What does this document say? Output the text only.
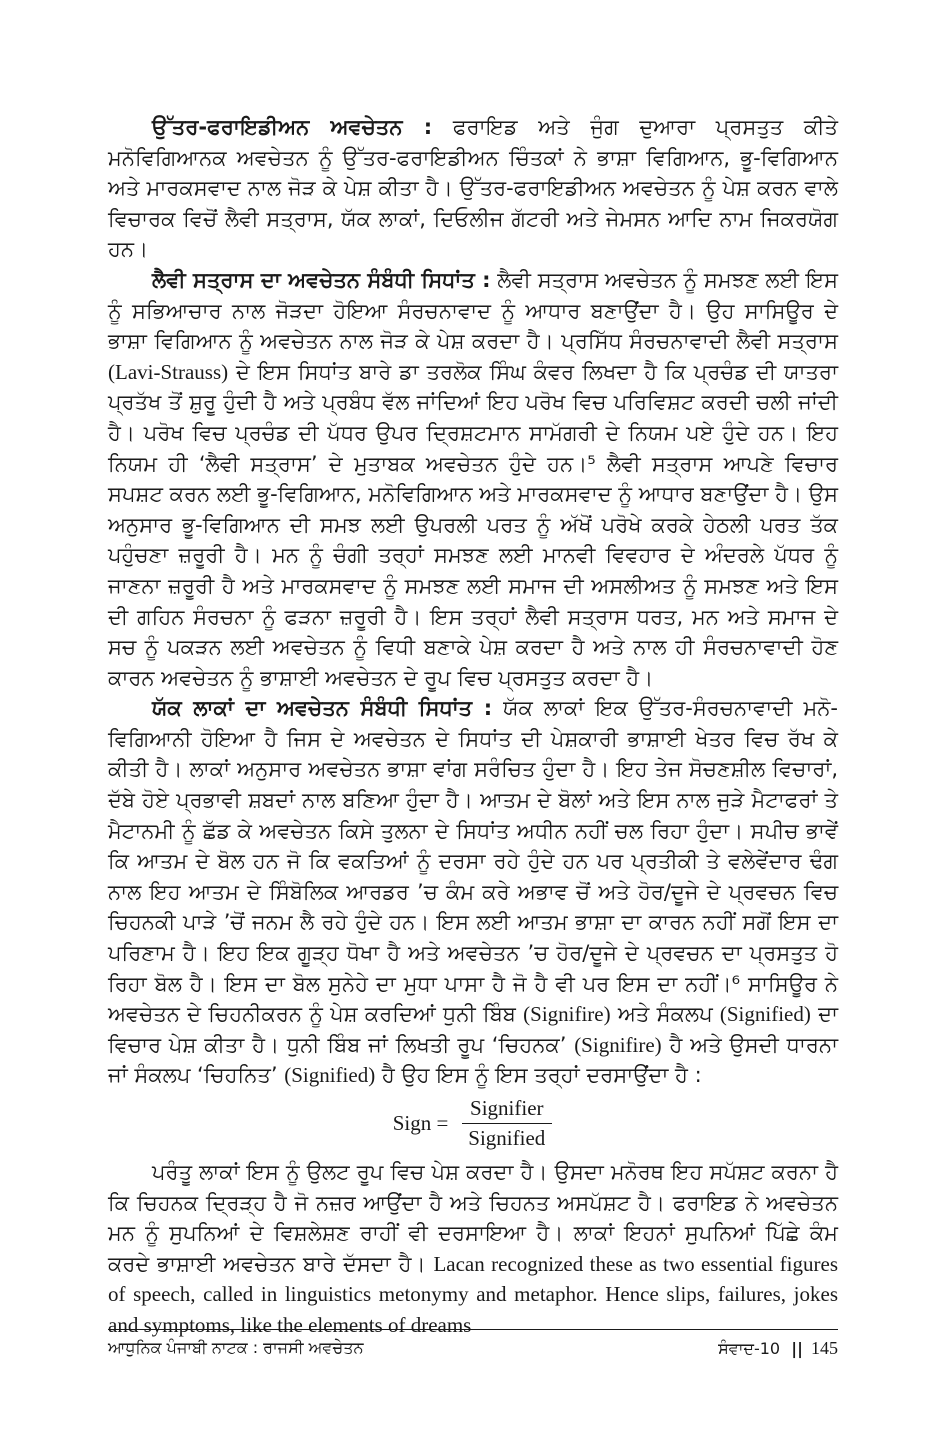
ਉੱਤਰ-ਫਰਾਇਡੀਅਨ ਅਵਚੇਤਨ : ਫਰਾਇਡ ਅਤੇ ਜੁੰਗ ਦੁਆਰਾ ਪ੍ਰਸਤੁਤ ਕੀਤੇ ਮਨੋਵਿਗਿਆਨਕ ਅਵਚੇਤਨ ਨੂੰ ਉੱਤਰ-ਫਰਾਇਡੀਅਨ ਚਿੰਤਕਾਂ ਨੇ ਭਾਸ਼ਾ ਵਿਗਿਆਨ, ਭੂ-ਵਿਗਿਆਨ ਅਤੇ ਮਾਰਕਸਵਾਦ ਨਾਲ ਜੋੜ ਕੇ ਪੇਸ਼ ਕੀਤਾ ਹੈ। ਉੱਤਰ-ਫਰਾਇਡੀਅਨ ਅਵਚੇਤਨ ਨੂੰ ਪੇਸ਼ ਕਰਨ ਵਾਲੇ ਵਿਚਾਰਕ ਵਿਚੋਂ ਲੈਵੀ ਸਤ੍ਰਾਸ, ਯੱਕ ਲਾਕਾਂ, ਦਿਓਲੀਜ ਗੱਟਰੀ ਅਤੇ ਜੇਮਸਨ ਆਦਿ ਨਾਮ ਜਿਕਰਯੋਗ ਹਨ।

ਲੈਵੀ ਸਤ੍ਰਾਸ ਦਾ ਅਵਚੇਤਨ ਸੰਬੰਧੀ ਸਿਧਾਂਤ : ਲੈਵੀ ਸਤ੍ਰਾਸ ਅਵਚੇਤਨ ਨੂੰ ਸਮਝਣ ਲਈ ਇਸ ਨੂੰ ਸਭਿਆਚਾਰ ਨਾਲ ਜੋੜਦਾ ਹੋਇਆ ਸੰਰਚਨਾਵਾਦ ਨੂੰ ਆਧਾਰ ਬਣਾਉਂਦਾ ਹੈ। ਉਹ ਸਾਸਿਊਰ ਦੇ ਭਾਸ਼ਾ ਵਿਗਿਆਨ ਨੂੰ ਅਵਚੇਤਨ ਨਾਲ ਜੋੜ ਕੇ ਪੇਸ਼ ਕਰਦਾ ਹੈ। ਪ੍ਰਸਿੱਧ ਸੰਰਚਨਾਵਾਦੀ ਲੈਵੀ ਸਤ੍ਰਾਸ (Lavi-Strauss) ਦੇ ਇਸ ਸਿਧਾਂਤ ਬਾਰੇ ਡਾ ਤਰਲੋਕ ਸਿੰਘ ਕੰਵਰ ਲਿਖਦਾ ਹੈ ਕਿ ਪ੍ਰਚੰਡ ਦੀ ਯਾਤਰਾ ਪ੍ਰਤੱਖ ਤੋਂ ਸ਼ੁਰੂ ਹੁੰਦੀ ਹੈ ਅਤੇ ਪ੍ਰਬੰਧ ਵੱਲ ਜਾਂਦਿਆਂ ਇਹ ਪਰੋਖ ਵਿਚ ਪਰਿਵਿਸ਼ਟ ਕਰਦੀ ਚਲੀ ਜਾਂਦੀ ਹੈ। ਪਰੋਖ ਵਿਚ ਪ੍ਰਚੰਡ ਦੀ ਪੱਧਰ ਉਪਰ ਦ੍ਰਿਸ਼ਟਮਾਨ ਸਾਮੱਗਰੀ ਦੇ ਨਿਯਮ ਪਏ ਹੁੰਦੇ ਹਨ। ਇਹ ਨਿਯਮ ਹੀ ‘ਲੈਵੀ ਸਤ੍ਰਾਸ’ ਦੇ ਮੁਤਾਬਕ ਅਵਚੇਤਨ ਹੁੰਦੇ ਹਨ।⁵ ਲੈਵੀ ਸਤ੍ਰਾਸ ਆਪਣੇ ਵਿਚਾਰ ਸਪਸ਼ਟ ਕਰਨ ਲਈ ਭੂ-ਵਿਗਿਆਨ, ਮਨੋਵਿਗਿਆਨ ਅਤੇ ਮਾਰਕਸਵਾਦ ਨੂੰ ਆਧਾਰ ਬਣਾਉਂਦਾ ਹੈ। ਉਸ ਅਨੁਸਾਰ ਭੂ-ਵਿਗਿਆਨ ਦੀ ਸਮਝ ਲਈ ਉਪਰਲੀ ਪਰਤ ਨੂੰ ਅੱਖੋਂ ਪਰੋਖੇ ਕਰਕੇ ਹੇਠਲੀ ਪਰਤ ਤੱਕ ਪਹੁੰਚਣਾ ਜ਼ਰੂਰੀ ਹੈ। ਮਨ ਨੂੰ ਚੰਗੀ ਤਰ੍ਹਾਂ ਸਮਝਣ ਲਈ ਮਾਨਵੀ ਵਿਵਹਾਰ ਦੇ ਅੰਦਰਲੇ ਪੱਧਰ ਨੂੰ ਜਾਣਨਾ ਜ਼ਰੂਰੀ ਹੈ ਅਤੇ ਮਾਰਕਸਵਾਦ ਨੂੰ ਸਮਝਣ ਲਈ ਸਮਾਜ ਦੀ ਅਸਲੀਅਤ ਨੂੰ ਸਮਝਣ ਅਤੇ ਇਸ ਦੀ ਗਹਿਨ ਸੰਰਚਨਾ ਨੂੰ ਫੜਨਾ ਜ਼ਰੂਰੀ ਹੈ। ਇਸ ਤਰ੍ਹਾਂ ਲੈਵੀ ਸਤ੍ਰਾਸ ਧਰਤ, ਮਨ ਅਤੇ ਸਮਾਜ ਦੇ ਸਚ ਨੂੰ ਪਕੜਨ ਲਈ ਅਵਚੇਤਨ ਨੂੰ ਵਿਧੀ ਬਣਾਕੇ ਪੇਸ਼ ਕਰਦਾ ਹੈ ਅਤੇ ਨਾਲ ਹੀ ਸੰਰਚਨਾਵਾਦੀ ਹੋਣ ਕਾਰਨ ਅਵਚੇਤਨ ਨੂੰ ਭਾਸ਼ਾਈ ਅਵਚੇਤਨ ਦੇ ਰੂਪ ਵਿਚ ਪ੍ਰਸਤੁਤ ਕਰਦਾ ਹੈ।

ਯੱਕ ਲਾਕਾਂ ਦਾ ਅਵਚੇਤਨ ਸੰਬੰਧੀ ਸਿਧਾਂਤ : ਯੱਕ ਲਾਕਾਂ ਇਕ ਉੱਤਰ-ਸੰਰਚਨਾਵਾਦੀ ਮਨੋ-ਵਿਗਿਆਨੀ ਹੋਇਆ ਹੈ ਜਿਸ ਦੇ ਅਵਚੇਤਨ ਦੇ ਸਿਧਾਂਤ ਦੀ ਪੇਸ਼ਕਾਰੀ ਭਾਸ਼ਾਈ ਖੇਤਰ ਵਿਚ ਰੱਖ ਕੇ ਕੀਤੀ ਹੈ। ਲਾਕਾਂ ਅਨੁਸਾਰ ਅਵਚੇਤਨ ਭਾਸ਼ਾ ਵਾਂਗ ਸਰੰਚਿਤ ਹੁੰਦਾ ਹੈ। ਇਹ ਤੇਜ ਸੋਚਣਸ਼ੀਲ ਵਿਚਾਰਾਂ, ਦੱਬੇ ਹੋਏ ਪ੍ਰਭਾਵੀ ਸ਼ਬਦਾਂ ਨਾਲ ਬਣਿਆ ਹੁੰਦਾ ਹੈ। ਆਤਮ ਦੇ ਬੋਲਾਂ ਅਤੇ ਇਸ ਨਾਲ ਜੁੜੇ ਮੈਟਾਫਰਾਂ ਤੇ ਮੈਟਾਨਮੀ ਨੂੰ ਛੱਡ ਕੇ ਅਵਚੇਤਨ ਕਿਸੇ ਤੁਲਨਾ ਦੇ ਸਿਧਾਂਤ ਅਧੀਨ ਨਹੀਂ ਚਲ ਰਿਹਾ ਹੁੰਦਾ। ਸਪੀਚ ਭਾਵੇਂ ਕਿ ਆਤਮ ਦੇ ਬੋਲ ਹਨ ਜੋ ਕਿ ਵਕਤਿਆਂ ਨੂੰ ਦਰਸਾ ਰਹੇ ਹੁੰਦੇ ਹਨ ਪਰ ਪ੍ਰਤੀਕੀ ਤੇ ਵਲੇਵੇਂਦਾਰ ਢੰਗ ਨਾਲ ਇਹ ਆਤਮ ਦੇ ਸਿੰਬੋਲਿਕ ਆਰਡਰ ’ਚ ਕੰਮ ਕਰੇ ਅਭਾਵ ਚੋਂ ਅਤੇ ਹੋਰ/ਦੂਜੇ ਦੇ ਪ੍ਰਵਚਨ ਵਿਚ ਚਿਹਨਕੀ ਪਾੜੇ ’ਚੋਂ ਜਨਮ ਲੈ ਰਹੇ ਹੁੰਦੇ ਹਨ। ਇਸ ਲਈ ਆਤਮ ਭਾਸ਼ਾ ਦਾ ਕਾਰਨ ਨਹੀਂ ਸਗੋਂ ਇਸ ਦਾ ਪਰਿਣਾਮ ਹੈ। ਇਹ ਇਕ ਗੂੜ੍ਹ ਧੋਖਾ ਹੈ ਅਤੇ ਅਵਚੇਤਨ ’ਚ ਹੋਰ/ਦੂਜੇ ਦੇ ਪ੍ਰਵਚਨ ਦਾ ਪ੍ਰਸਤੁਤ ਹੋ ਰਿਹਾ ਬੋਲ ਹੈ। ਇਸ ਦਾ ਬੋਲ ਸੁਨੇਹੇ ਦਾ ਮੁਧਾ ਪਾਸਾ ਹੈ ਜੋ ਹੈ ਵੀ ਪਰ ਇਸ ਦਾ ਨਹੀਂ।⁶ ਸਾਸਿਊਰ ਨੇ ਅਵਚੇਤਨ ਦੇ ਚਿਹਨੀਕਰਨ ਨੂੰ ਪੇਸ਼ ਕਰਦਿਆਂ ਧੁਨੀ ਬਿੰਬ (Signifire) ਅਤੇ ਸੰਕਲਪ (Signified) ਦਾ ਵਿਚਾਰ ਪੇਸ਼ ਕੀਤਾ ਹੈ। ਧੁਨੀ ਬਿੰਬ ਜਾਂ ਲਿਖਤੀ ਰੂਪ ‘ਚਿਹਨਕ’ (Signifire) ਹੈ ਅਤੇ ਉਸਦੀ ਧਾਰਨਾ ਜਾਂ ਸੰਕਲਪ ‘ਚਿਹਨਿਤ’ (Signified) ਹੈ ਉਹ ਇਸ ਨੂੰ ਇਸ ਤਰ੍ਹਾਂ ਦਰਸਾਉਂਦਾ ਹੈ :

Sign = $\frac{\text{Signifier}}{\text{Signified}}$

ਪਰੰਤੂ ਲਾਕਾਂ ਇਸ ਨੂੰ ਉਲਟ ਰੂਪ ਵਿਚ ਪੇਸ਼ ਕਰਦਾ ਹੈ। ਉਸਦਾ ਮਨੋਰਥ ਇਹ ਸਪੱਸ਼ਟ ਕਰਨਾ ਹੈ ਕਿ ਚਿਹਨਕ ਦ੍ਰਿੜ੍ਹ ਹੈ ਜੋ ਨਜ਼ਰ ਆਉਂਦਾ ਹੈ ਅਤੇ ਚਿਹਨਤ ਅਸਪੱਸ਼ਟ ਹੈ। ਫਰਾਇਡ ਨੇ ਅਵਚੇਤਨ ਮਨ ਨੂੰ ਸੁਪਨਿਆਂ ਦੇ ਵਿਸ਼ਲੇਸ਼ਣ ਰਾਹੀਂ ਵੀ ਦਰਸਾਇਆ ਹੈ। ਲਾਕਾਂ ਇਹਨਾਂ ਸੁਪਨਿਆਂ ਪਿੱਛੇ ਕੰਮ ਕਰਦੇ ਭਾਸ਼ਾਈ ਅਵਚੇਤਨ ਬਾਰੇ ਦੱਸਦਾ ਹੈ। Lacan recognized these as two essential figures of speech, called in linguistics metonymy and metaphor. Hence slips, failures, jokes and symptoms, like the elements of dreams

ਆਧੁਨਿਕ ਪੰਜਾਬੀ ਨਾਟਕ : ਰਾਜਸੀ ਅਵਚੇਤਨ	ਸੰਵਾਦ-10 || 145
